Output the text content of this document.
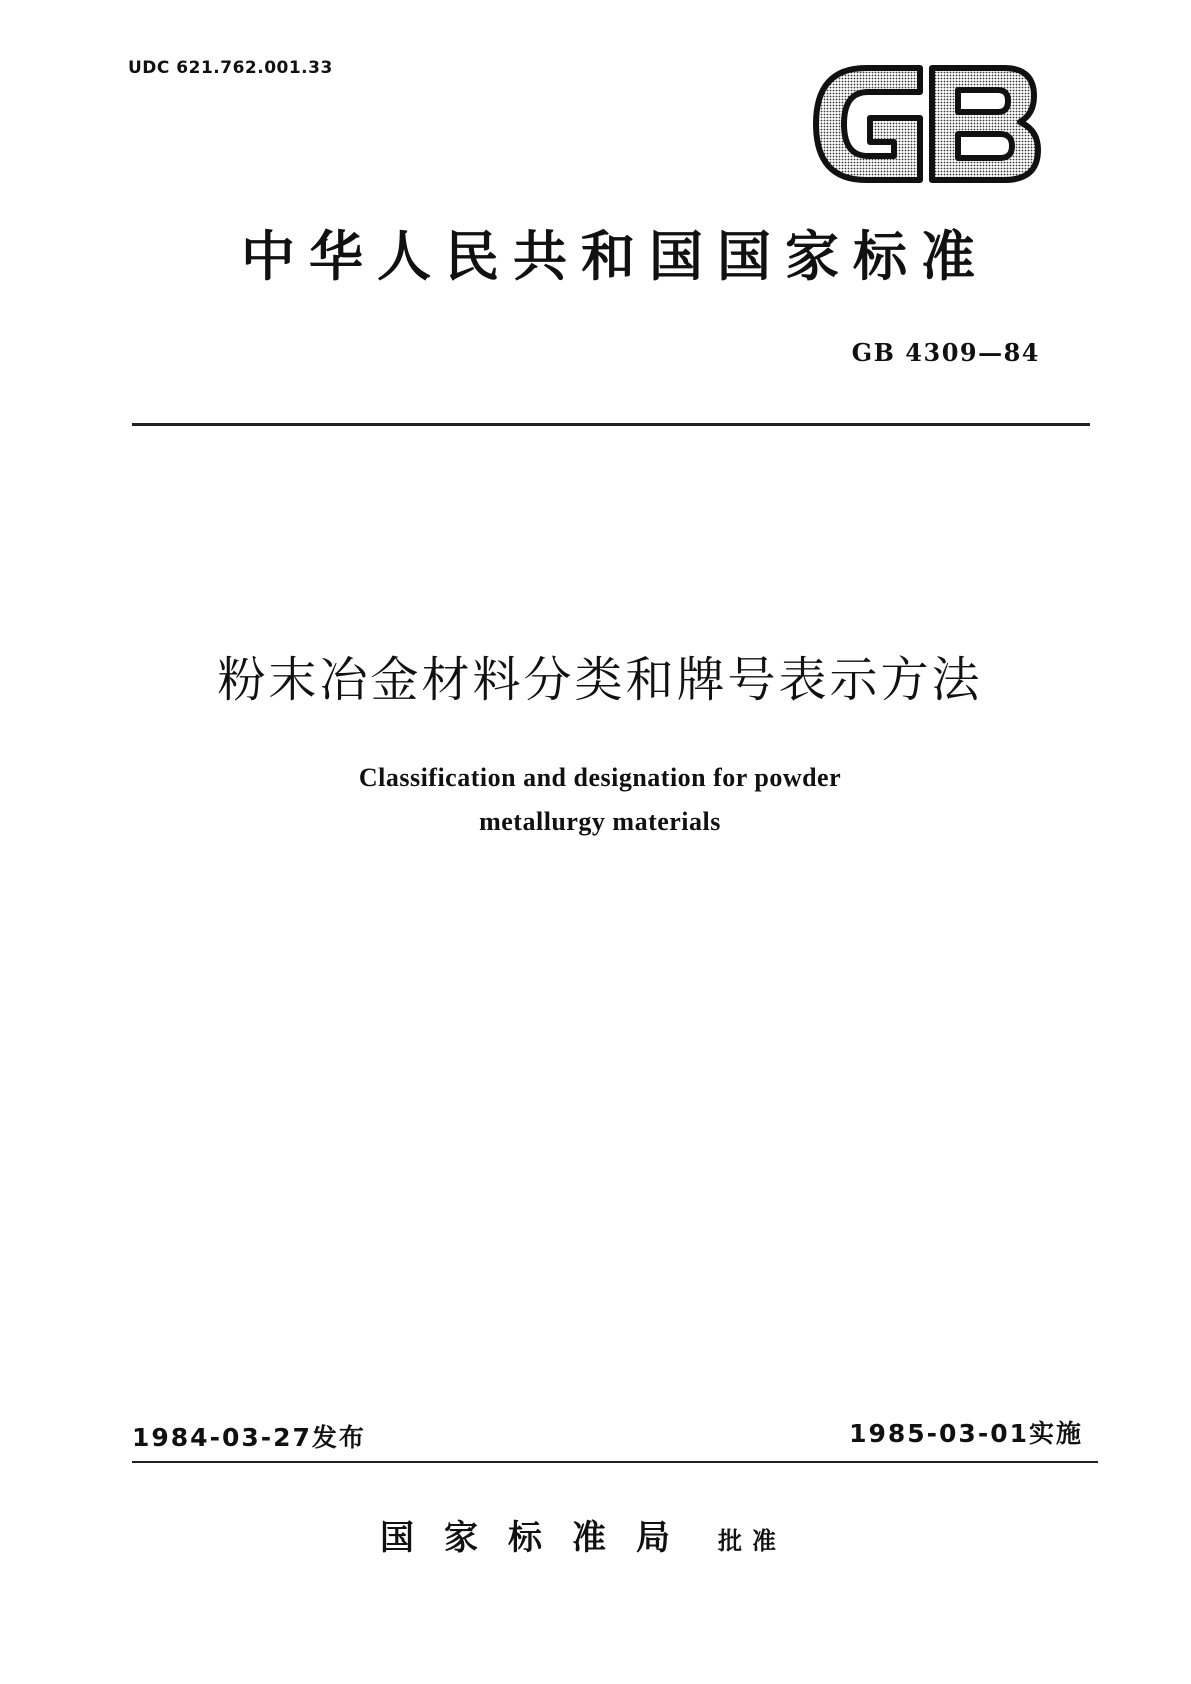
UDC 621.762.001.33
中华人民共和国国家标准
GB 4309—84
粉末冶金材料分类和牌号表示方法
Classification and designation for powder
metallurgy materials
1984-03-27发布	1985-03-01实施
国家标准局 批准
